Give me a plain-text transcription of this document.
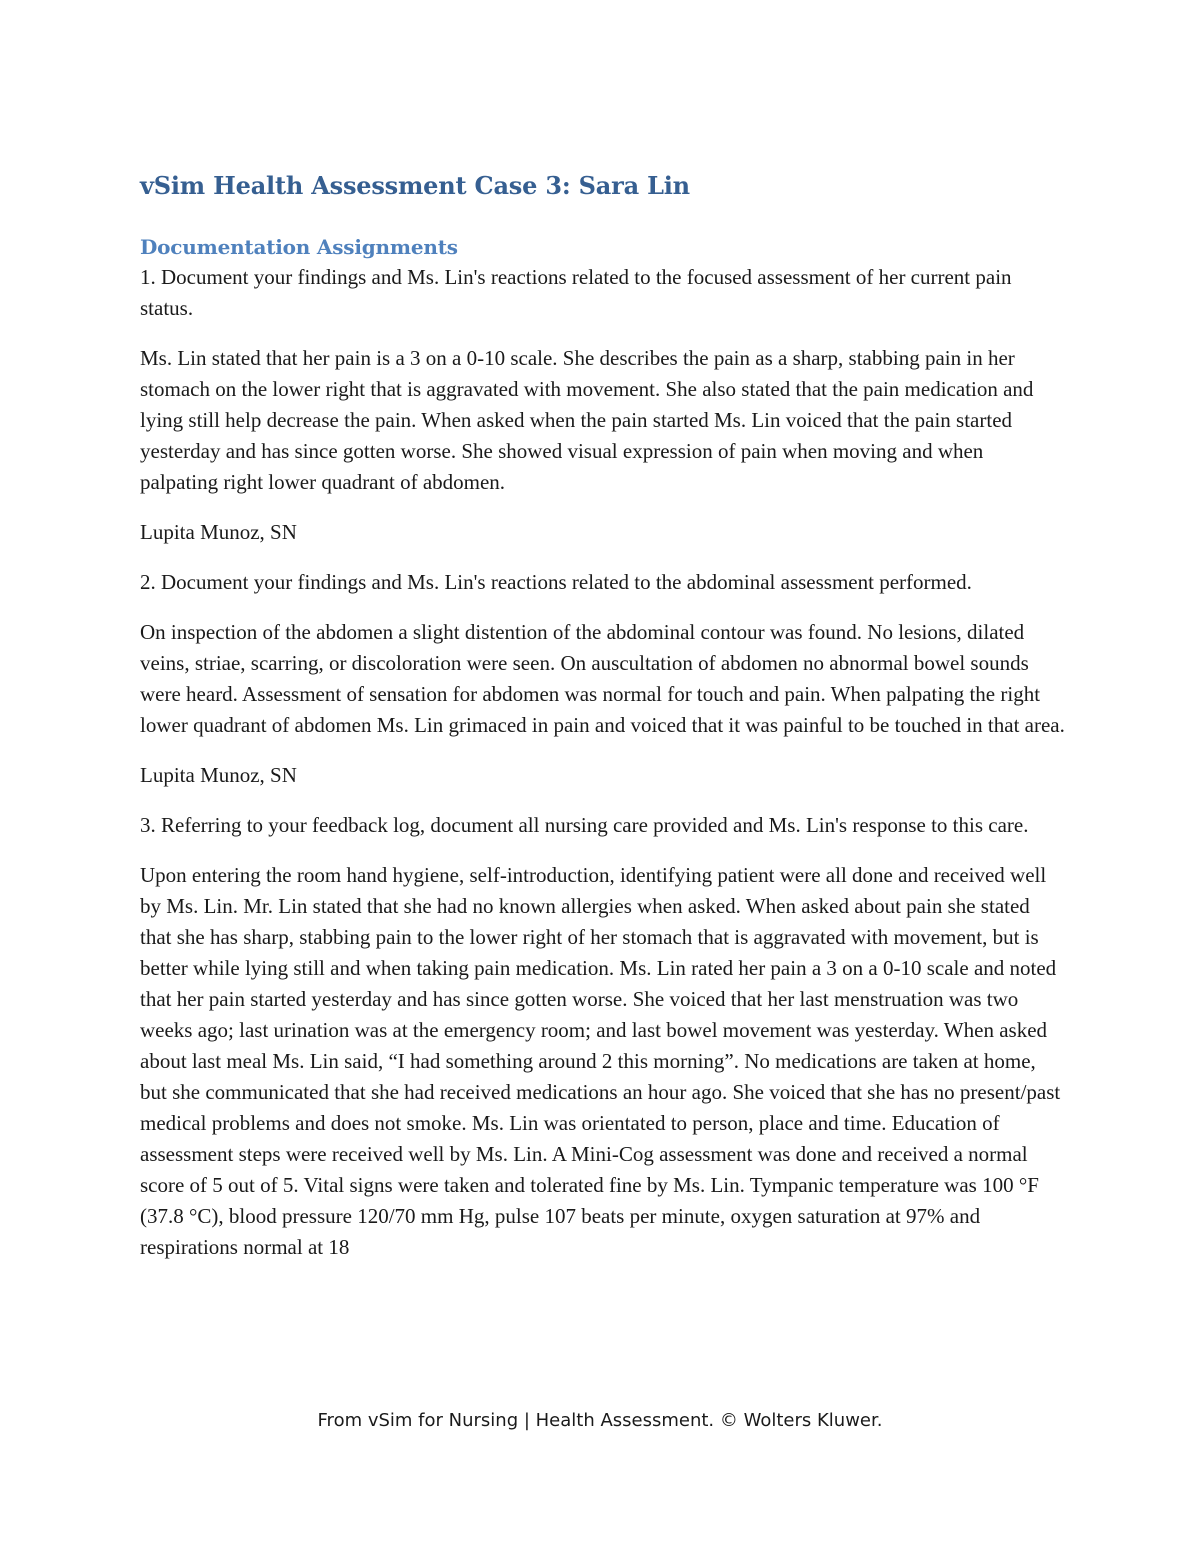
vSim Health Assessment Case 3: Sara Lin
Documentation Assignments

1. Document your findings and Ms. Lin's reactions related to the focused assessment of her current pain status.

Ms. Lin stated that her pain is a 3 on a 0-10 scale. She describes the pain as a sharp, stabbing pain in her stomach on the lower right that is aggravated with movement. She also stated that the pain medication and lying still help decrease the pain. When asked when the pain started Ms. Lin voiced that the pain started yesterday and has since gotten worse. She showed visual expression of pain when moving and when palpating right lower quadrant of abdomen.

Lupita Munoz, SN

2. Document your findings and Ms. Lin's reactions related to the abdominal assessment performed.

On inspection of the abdomen a slight distention of the abdominal contour was found. No lesions, dilated veins, striae, scarring, or discoloration were seen. On auscultation of abdomen no abnormal bowel sounds were heard. Assessment of sensation for abdomen was normal for touch and pain. When palpating the right lower quadrant of abdomen Ms. Lin grimaced in pain and voiced that it was painful to be touched in that area.

Lupita Munoz, SN

3. Referring to your feedback log, document all nursing care provided and Ms. Lin's response to this care.

Upon entering the room hand hygiene, self-introduction, identifying patient were all done and received well by Ms. Lin. Mr. Lin stated that she had no known allergies when asked. When asked about pain she stated that she has sharp, stabbing pain to the lower right of her stomach that is aggravated with movement, but is better while lying still and when taking pain medication. Ms. Lin rated her pain a 3 on a 0-10 scale and noted that her pain started yesterday and has since gotten worse. She voiced that her last menstruation was two weeks ago; last urination was at the emergency room; and last bowel movement was yesterday. When asked about last meal Ms. Lin said, “I had something around 2 this morning”. No medications are taken at home, but she communicated that she had received medications an hour ago. She voiced that she has no present/past medical problems and does not smoke. Ms. Lin was orientated to person, place and time. Education of assessment steps were received well by Ms. Lin. A Mini-Cog assessment was done and received a normal score of 5 out of 5. Vital signs were taken and tolerated fine by Ms. Lin. Tympanic temperature was 100 °F (37.8 °C), blood pressure 120/70 mm Hg, pulse 107 beats per minute, oxygen saturation at 97% and respirations normal at 18

From vSim for Nursing | Health Assessment. © Wolters Kluwer.
